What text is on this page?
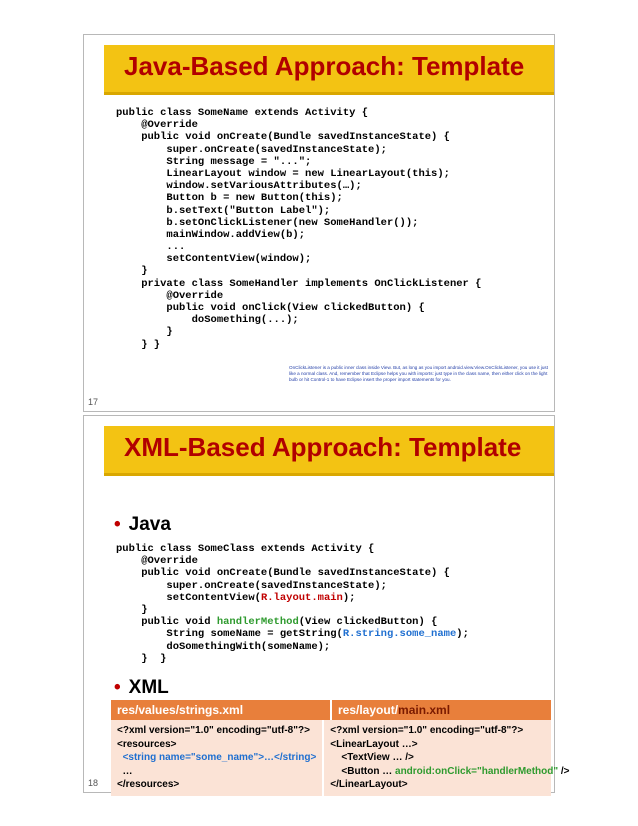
Java-Based Approach: Template
public class SomeName extends Activity {
@Override
public void onCreate(Bundle savedInstanceState) {
super.onCreate(savedInstanceState);
String message = "...";
LinearLayout window = new LinearLayout(this);
window.setVariousAttributes(…);
Button b = new Button(this);
b.setText("Button Label");
b.setOnClickListener(new SomeHandler());
mainWindow.addView(b);
...
setContentView(window);
}
private class SomeHandler implements OnClickListener {
@Override
public void onClick(View clickedButton) {
doSomething(...);
}
} }
OnClickListener is a public inner class inside View. But, as long as you import android.view.View.OnClickListener, you use it just like a normal class. And, remember that Eclipse helps you with imports: just type in the class name, then either click on the light bulb or hit Control-1 to have Eclipse insert the proper import statements for you.
17
XML-Based Approach: Template
• Java
public class SomeClass extends Activity {
@Override
public void onCreate(Bundle savedInstanceState) {
super.onCreate(savedInstanceState);
setContentView(R.layout.main);
}
public void handlerMethod(View clickedButton) {
String someName = getString(R.string.some_name);
doSomethingWith(someName);
}  }
• XML
res/values/strings.xml	res/layout/main.xml
<?xml version="1.0" encoding="utf-8"?>
<resources>
<string name="some_name">…</string>
…
</resources>
<?xml version="1.0" encoding="utf-8"?>
<LinearLayout …>
<TextView … />
<Button … android:onClick="handlerMethod" />
</LinearLayout>
18
